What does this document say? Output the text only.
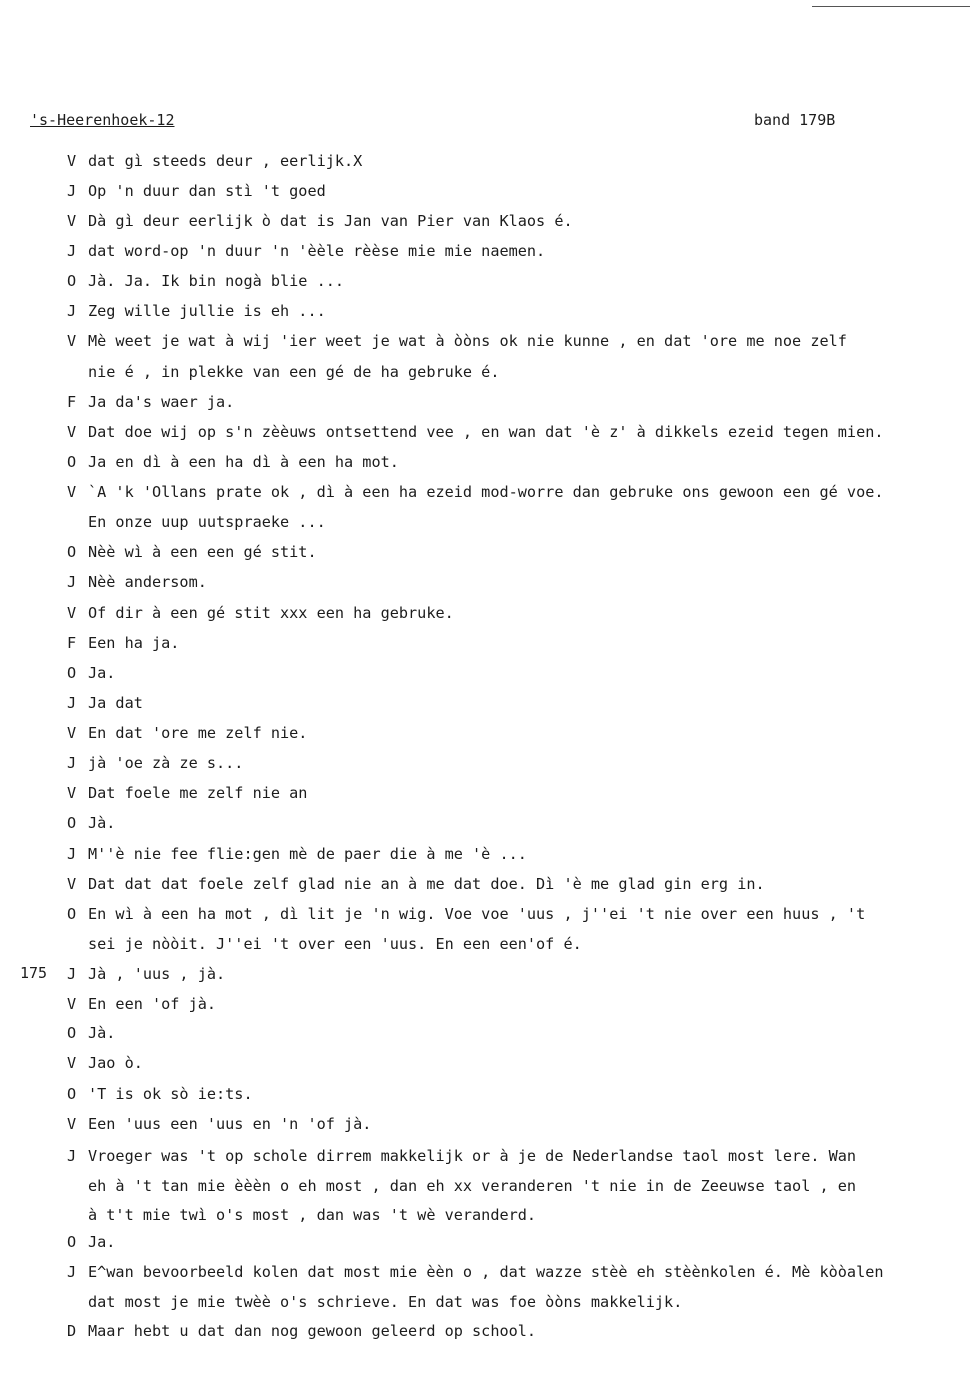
's-Heerenhoek-12	band 179B
V dat gì steeds deur , eerlijk.X
J Op 'n duur dan stì 't goed
V Dà gì deur eerlijk ò dat is Jan van Pier van Klaos é.
J dat word-op 'n duur 'n 'èèle rèèse mie mie naemen.
O Jà. Ja. Ik bin nogà blie ...
J Zeg wille jullie is eh ...
V Mè weet je wat à wij 'ier weet je wat à òòns ok nie kunne , en dat 'ore me noe zelf
nie é , in plekke van een gé de ha gebruke é.
F Ja da's waer ja.
V Dat doe wij op s'n zèèuws ontsettend vee , en wan dat 'è z' à dikkels ezeid tegen mien.
O Ja en dì à een ha dì à een ha mot.
V `A 'k 'Ollans prate ok , dì à een ha ezeid mod-worre dan gebruke ons gewoon een gé voe.
En onze uup uutspraeke ...
O Nèè wì à een een gé stit.
J Nèè andersom.
V Of dir à een gé stit xxx een ha gebruke.
F Een ha ja.
O Ja.
J Ja dat
V En dat 'ore me zelf nie.
J jà 'oe zà ze s...
V Dat foele me zelf nie an
O Jà.
J M''è nie fee flie:gen mè de paer die à me 'è ...
V Dat dat dat foele zelf glad nie an à me dat doe. Dì 'è me glad gin erg in.
O En wì à een ha mot , dì lit je 'n wig. Voe voe 'uus , j''ei 't nie over een huus , 't
sei je nòòit. J''ei 't over een 'uus. En een een'of é.
J Jà , 'uus , jà.
V En een 'of jà.
O Jà.
V Jao ò.
O 'T is ok sò ie:ts.
V Een 'uus een 'uus en 'n 'of jà.
J Vroeger was 't op schole dirrem makkelijk or à je de Nederlandse taol most lere. Wan
eh à 't tan mie èèèn o eh most , dan eh xx veranderen 't nie in de Zeeuwse taol , en
à t't mie twì o's most , dan was 't wè veranderd.
O Ja.
J E^wan bevoorbeeld kolen dat most mie èèn o , dat wazze stèè eh stèènkolen é. Mè kòòalen
dat most je mie twèè o's schrieve. En dat was foe òòns makkelijk.
D Maar hebt u dat dan nog gewoon geleerd op school.
175
